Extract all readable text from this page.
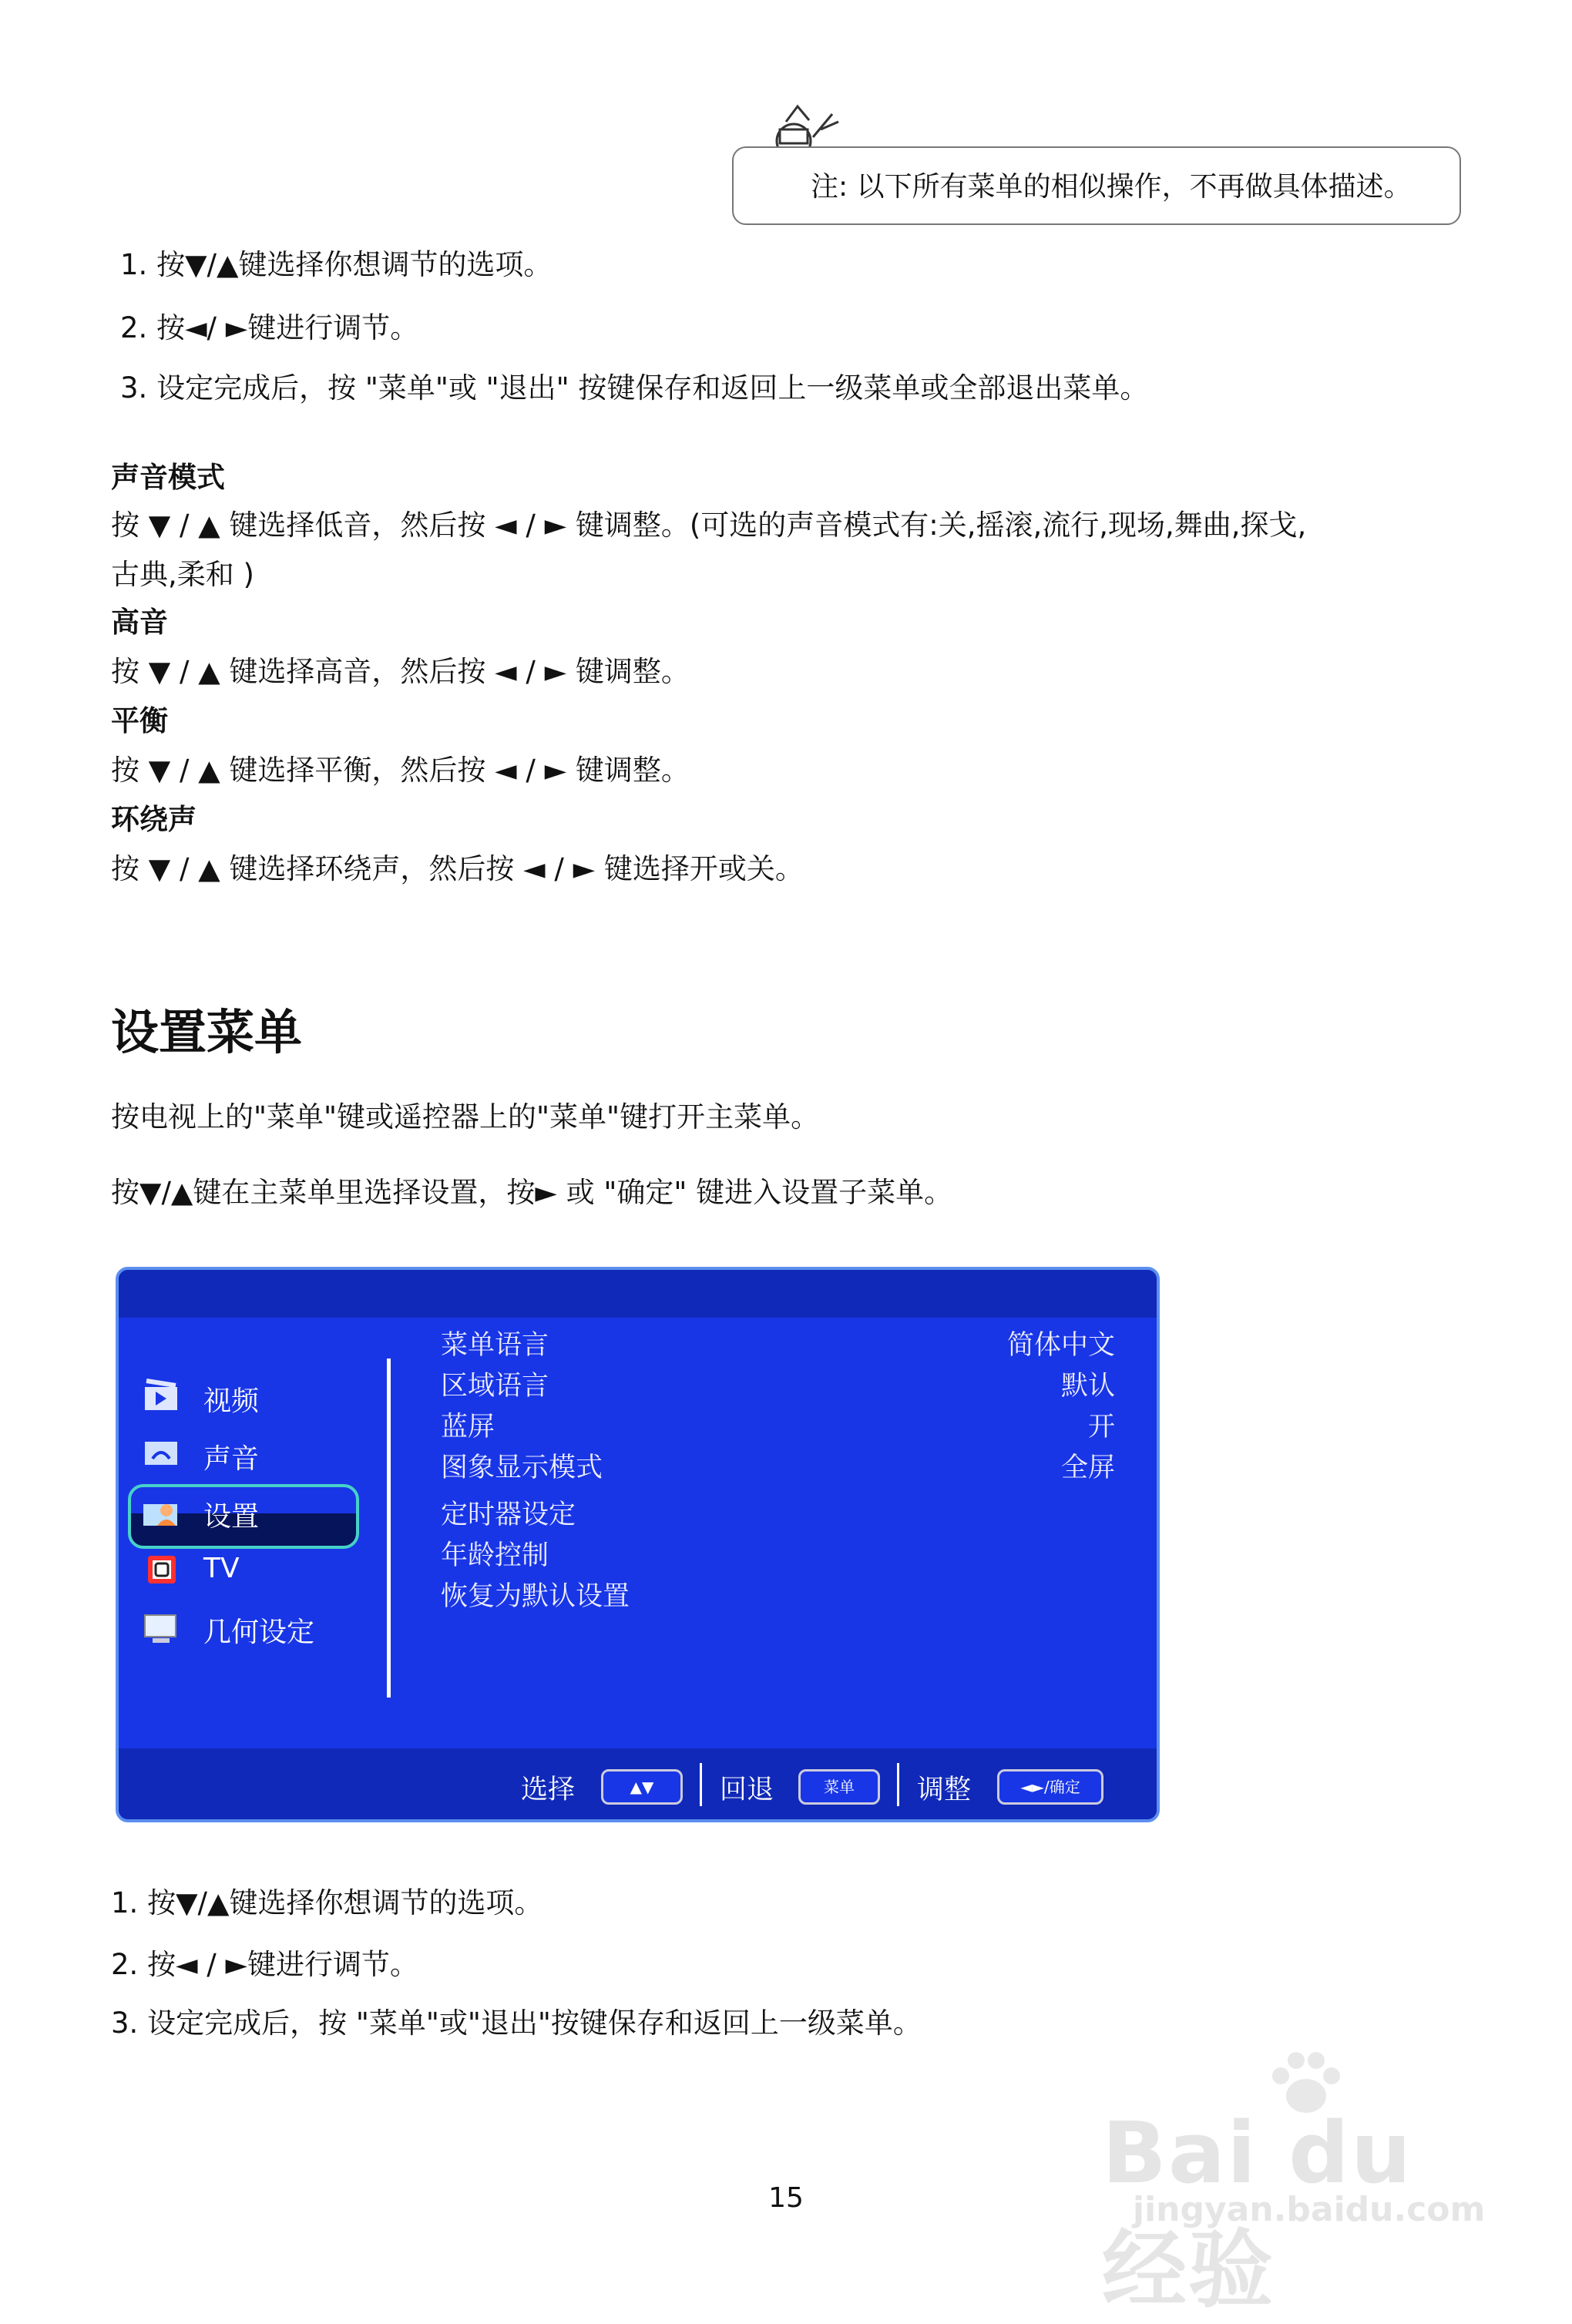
注: 以下所有菜单的相似操作，不再做具体描述。
1. 按▼/▲键选择你想调节的选项。
2. 按◄/ ►键进行调节。
3. 设定完成后，按 "菜单"或 "退出" 按键保存和返回上一级菜单或全部退出菜单。
声音模式
按 ▼ / ▲ 键选择低音，然后按 ◄ / ► 键调整。(可选的声音模式有:关,摇滚,流行,现场,舞曲,探戈,
古典,柔和 )
高音
按 ▼ / ▲ 键选择高音，然后按 ◄ / ► 键调整。
平衡
按 ▼ / ▲ 键选择平衡，然后按 ◄ / ► 键调整。
环绕声
按 ▼ / ▲ 键选择环绕声，然后按 ◄ / ► 键选择开或关。
设置菜单
按电视上的"菜单"键或遥控器上的"菜单"键打开主菜单。
按▼/▲键在主菜单里选择设置，按► 或 "确定" 键进入设置子菜单。
视频
声音
设置
TV
几何设定
菜单语言	简体中文
区域语言	默认
蓝屏	开
图象显示模式	全屏
定时器设定
年龄控制
恢复为默认设置
选择	▲▼	回退	菜单	调整	◄►/确定
1. 按▼/▲键选择你想调节的选项。
2. 按◄ / ►键进行调节。
3. 设定完成后，按 "菜单"或"退出"按键保存和返回上一级菜单。
Bai du 经验
jingyan.baidu.com
15
